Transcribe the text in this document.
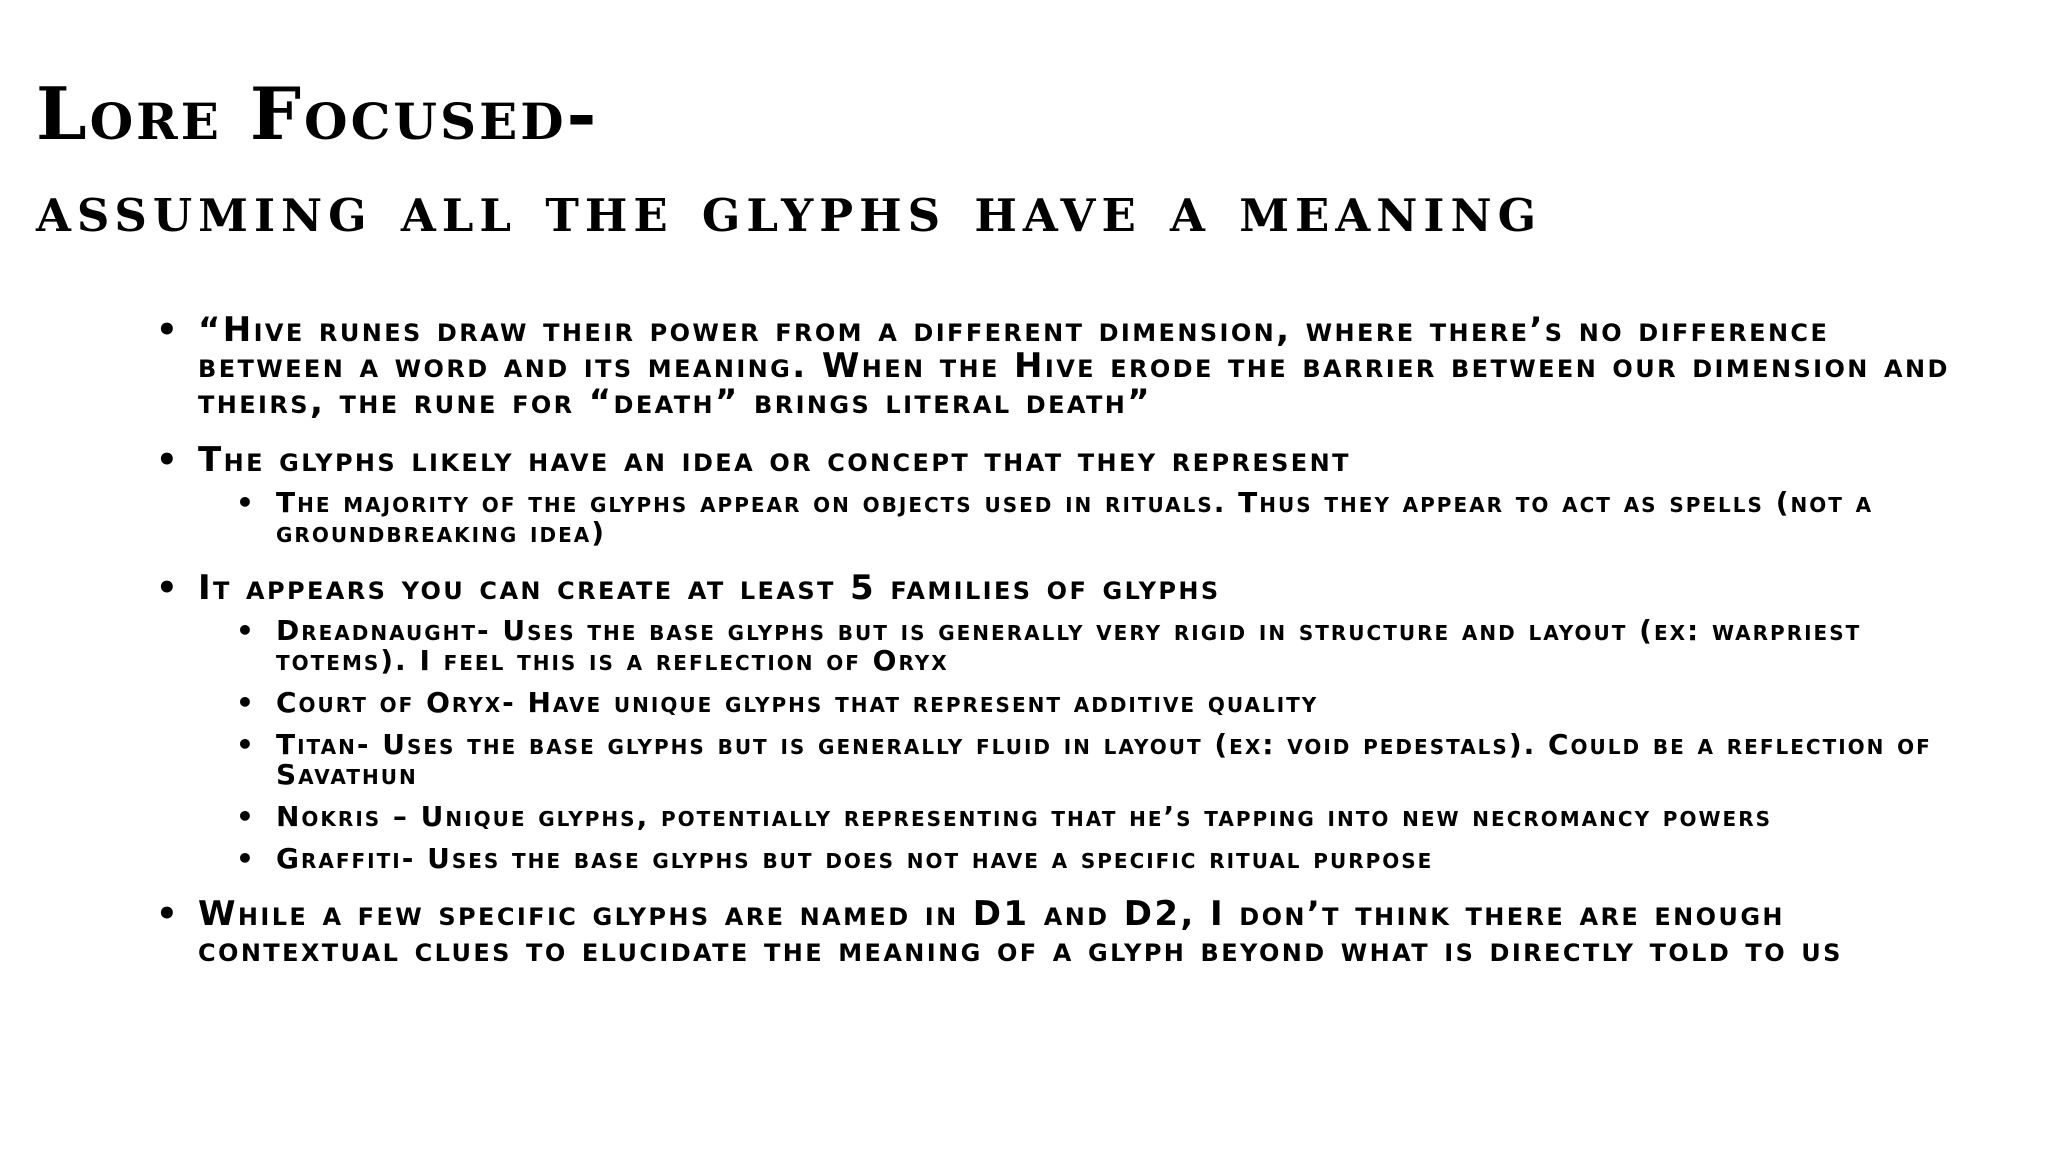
Lore Focused-
assuming all the glyphs have a meaning
• “Hive runes draw their power from a different dimension, where there’s no difference between a word and its meaning. When the Hive erode the barrier between our dimension and theirs, the rune for “death” brings literal death”
• The glyphs likely have an idea or concept that they represent
• The majority of the glyphs appear on objects used in rituals. Thus they appear to act as spells (not a groundbreaking idea)
• It appears you can create at least 5 families of glyphs
• Dreadnaught- Uses the base glyphs but is generally very rigid in structure and layout (ex: warpriest totems). I feel this is a reflection of Oryx
• Court of Oryx- Have unique glyphs that represent additive quality
• Titan- Uses the base glyphs but is generally fluid in layout (ex: void pedestals). Could be a reflection of Savathun
• Nokris – Unique glyphs, potentially representing that he’s tapping into new necromancy powers
• Graffiti- Uses the base glyphs but does not have a specific ritual purpose
• While a few specific glyphs are named in D1 and D2, I don’t think there are enough contextual clues to elucidate the meaning of a glyph beyond what is directly told to us
